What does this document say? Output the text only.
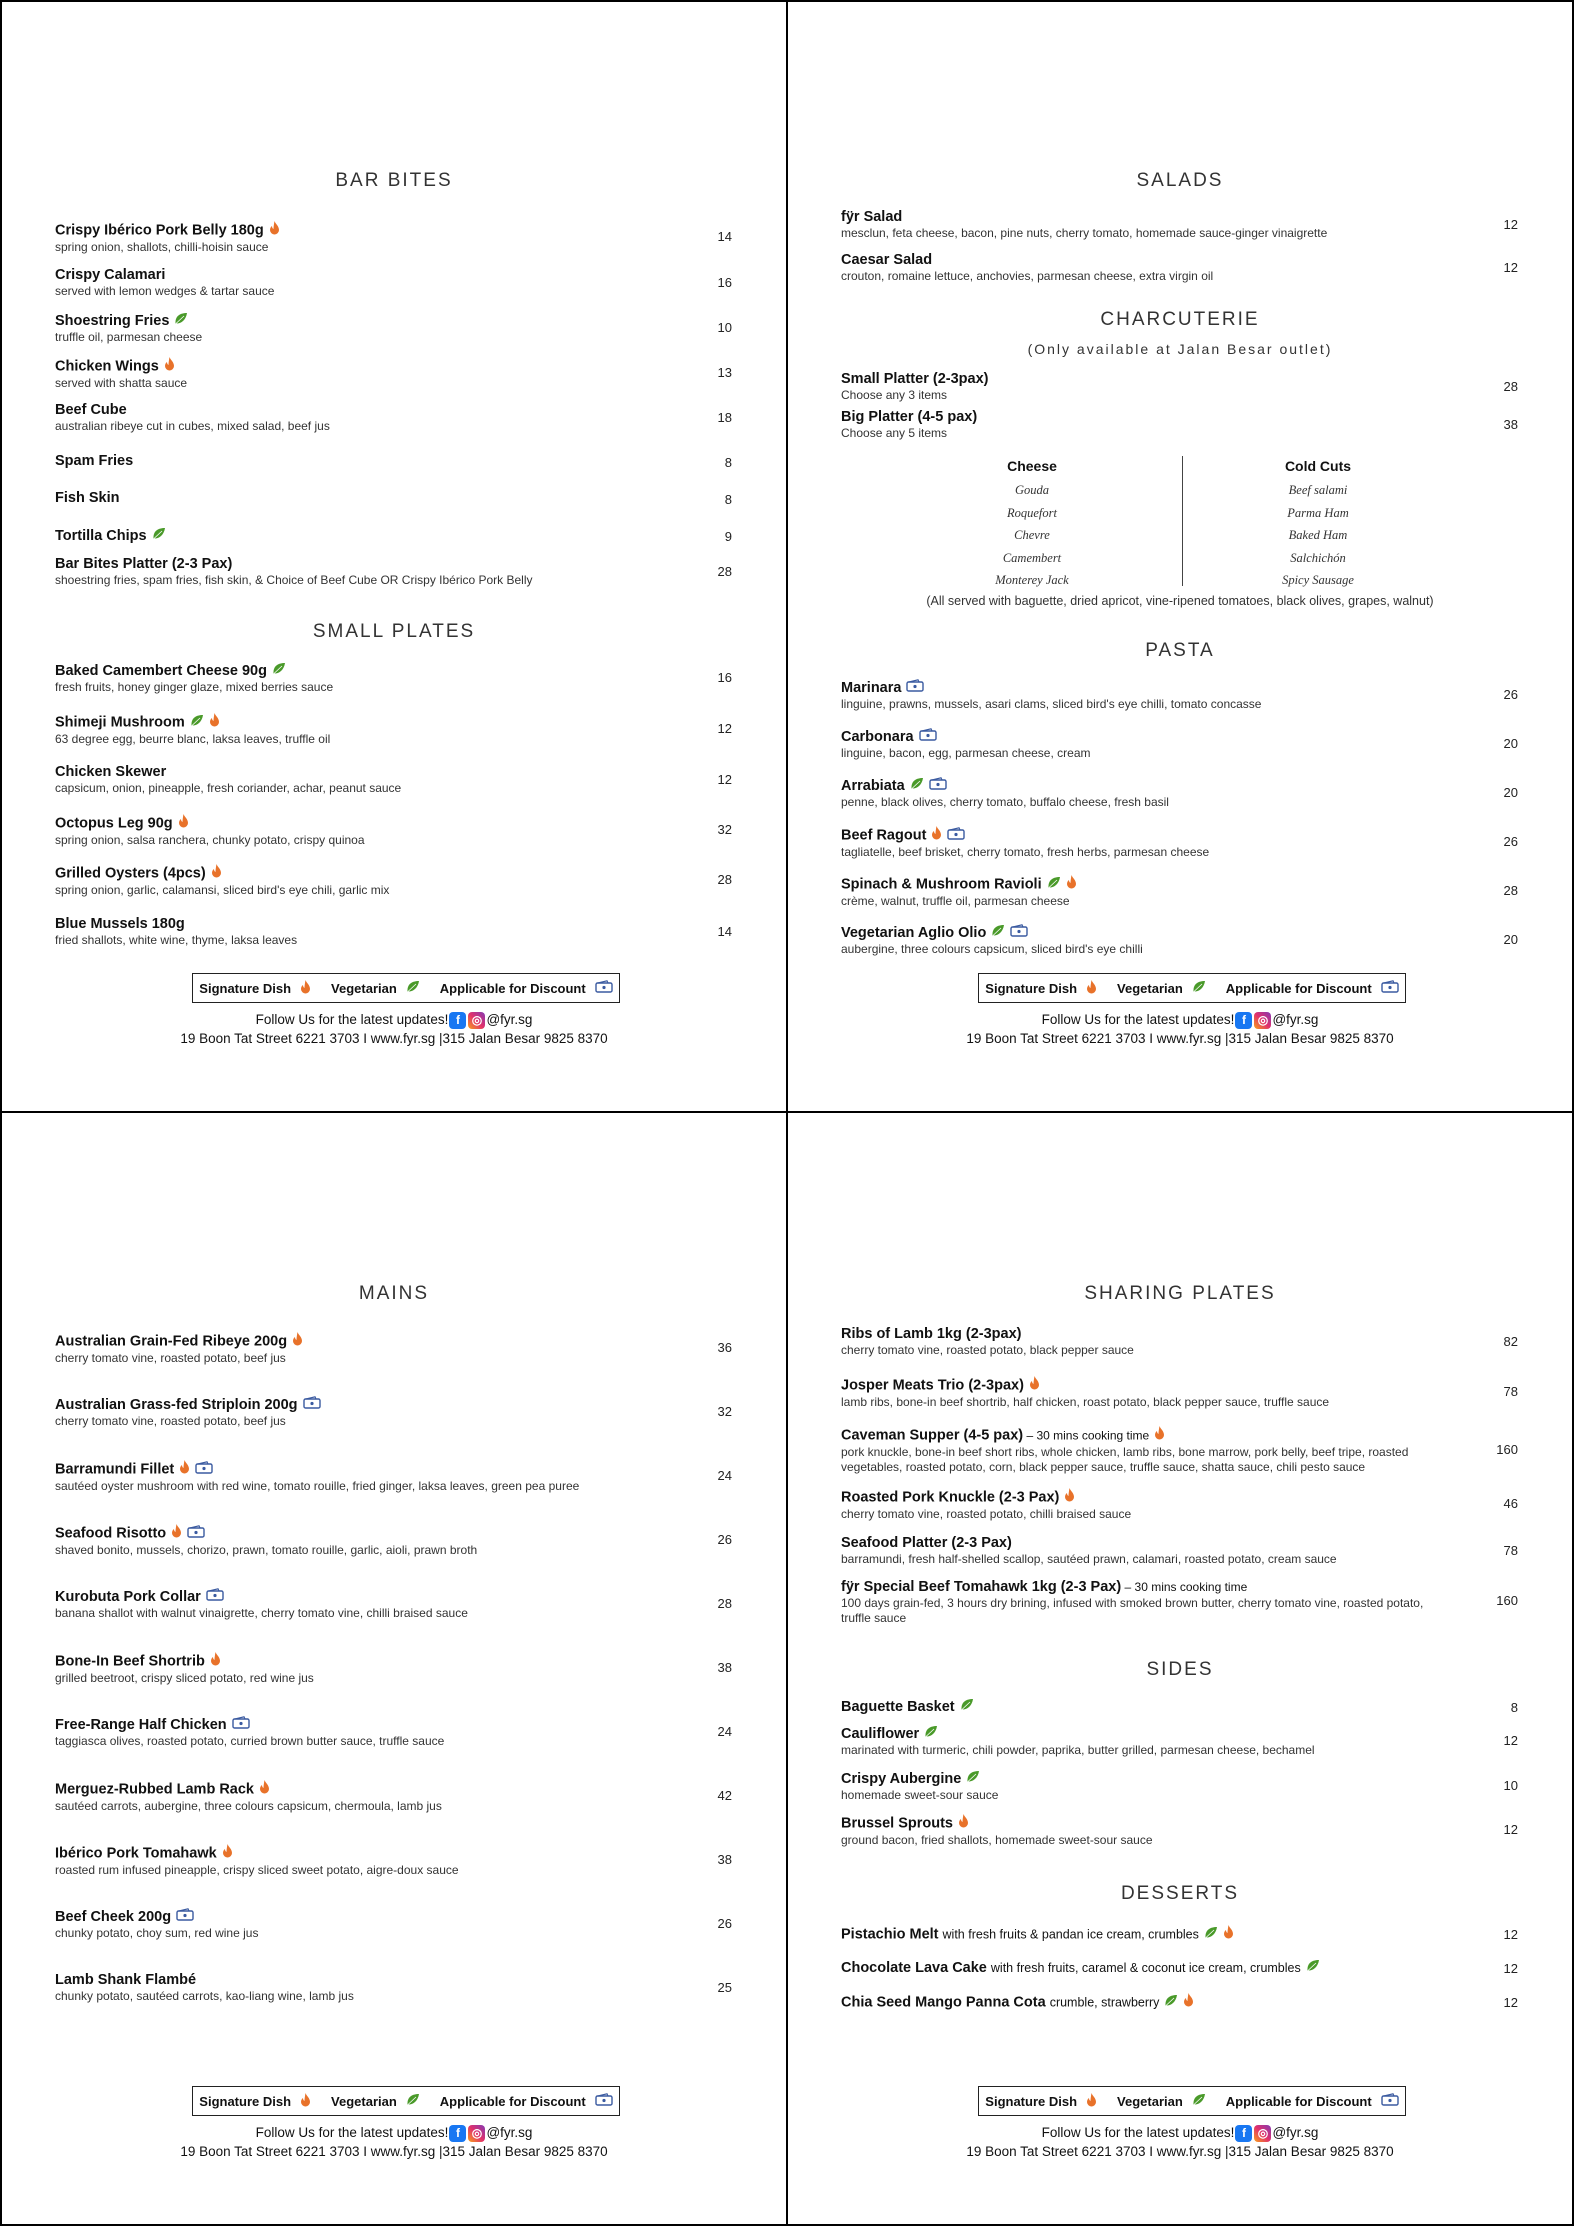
BAR BITES
Crispy Ibérico Pork Belly 180g
spring onion, shallots, chilli-hoisin sauce
14
Crispy Calamari
served with lemon wedges & tartar sauce
16
Shoestring Fries
truffle oil, parmesan cheese
10
Chicken Wings
served with shatta sauce
13
Beef Cube
australian ribeye cut in cubes, mixed salad, beef jus
18
Spam Fries	8
Fish Skin	8
Tortilla Chips	9
Bar Bites Platter (2-3 Pax)
shoestring fries, spam fries, fish skin, & Choice of Beef Cube OR Crispy Ibérico Pork Belly
28
SMALL PLATES
Baked Camembert Cheese 90g
fresh fruits, honey ginger glaze, mixed berries sauce
16
Shimeji Mushroom
63 degree egg, beurre blanc, laksa leaves, truffle oil
12
Chicken Skewer
capsicum, onion, pineapple, fresh coriander, achar, peanut sauce
12
Octopus Leg 90g
spring onion, salsa ranchera, chunky potato, crispy quinoa
32
Grilled Oysters (4pcs)
spring onion, garlic, calamansi, sliced bird's eye chili, garlic mix
28
Blue Mussels 180g
fried shallots, white wine, thyme, laksa leaves
14
Signature Dish	Vegetarian	Applicable for Discount
Follow Us for the latest updates! f ◎ @fyr.sg
19 Boon Tat Street 6221 3703 I www.fyr.sg |315 Jalan Besar 9825 8370
SALADS
fÿr Salad
mesclun, feta cheese, bacon, pine nuts, cherry tomato, homemade sauce-ginger vinaigrette
12
Caesar Salad
crouton, romaine lettuce, anchovies, parmesan cheese, extra virgin oil
12
CHARCUTERIE
(Only available at Jalan Besar outlet)
Small Platter (2-3pax)
Choose any 3 items
28
Big Platter (4-5 pax)
Choose any 5 items
38
Cheese
Gouda
Roquefort
Chevre
Camembert
Monterey Jack
Cold Cuts
Beef salami
Parma Ham
Baked Ham
Salchichón
Spicy Sausage
(All served with baguette, dried apricot, vine-ripened tomatoes, black olives, grapes, walnut)
PASTA
Marinara
linguine, prawns, mussels, asari clams, sliced bird's eye chilli, tomato concasse
26
Carbonara
linguine, bacon, egg, parmesan cheese, cream
20
Arrabiata
penne, black olives, cherry tomato, buffalo cheese, fresh basil
20
Beef Ragout
tagliatelle, beef brisket, cherry tomato, fresh herbs, parmesan cheese
26
Spinach & Mushroom Ravioli
crème, walnut, truffle oil, parmesan cheese
28
Vegetarian Aglio Olio
aubergine, three colours capsicum, sliced bird's eye chilli
20
Signature Dish	Vegetarian	Applicable for Discount
Follow Us for the latest updates! f ◎ @fyr.sg
19 Boon Tat Street 6221 3703 I www.fyr.sg |315 Jalan Besar 9825 8370
MAINS
Australian Grain-Fed Ribeye 200g
cherry tomato vine, roasted potato, beef jus
36
Australian Grass-fed Striploin 200g
cherry tomato vine, roasted potato, beef jus
32
Barramundi Fillet
sautéed oyster mushroom with red wine, tomato rouille, fried ginger, laksa leaves, green pea puree
24
Seafood Risotto
shaved bonito, mussels, chorizo, prawn, tomato rouille, garlic, aioli, prawn broth
26
Kurobuta Pork Collar
banana shallot with walnut vinaigrette, cherry tomato vine, chilli braised sauce
28
Bone-In Beef Shortrib
grilled beetroot, crispy sliced potato, red wine jus
38
Free-Range Half Chicken
taggiasca olives, roasted potato, curried brown butter sauce, truffle sauce
24
Merguez-Rubbed Lamb Rack
sautéed carrots, aubergine, three colours capsicum, chermoula, lamb jus
42
Ibérico Pork Tomahawk
roasted rum infused pineapple, crispy sliced sweet potato, aigre-doux sauce
38
Beef Cheek 200g
chunky potato, choy sum, red wine jus
26
Lamb Shank Flambé
chunky potato, sautéed carrots, kao-liang wine, lamb jus
25
Signature Dish	Vegetarian	Applicable for Discount
Follow Us for the latest updates! f ◎ @fyr.sg
19 Boon Tat Street 6221 3703 I www.fyr.sg |315 Jalan Besar 9825 8370
SHARING PLATES
Ribs of Lamb 1kg (2-3pax)
cherry tomato vine, roasted potato, black pepper sauce
82
Josper Meats Trio (2-3pax)
lamb ribs, bone-in beef shortrib, half chicken, roast potato, black pepper sauce, truffle sauce
78
Caveman Supper (4-5 pax) – 30 mins cooking time
pork knuckle, bone-in beef short ribs, whole chicken, lamb ribs, bone marrow, pork belly, beef tripe, roasted vegetables, roasted potato, corn, black pepper sauce, truffle sauce, shatta sauce, chili pesto sauce
160
Roasted Pork Knuckle (2-3 Pax)
cherry tomato vine, roasted potato, chilli braised sauce
46
Seafood Platter (2-3 Pax)
barramundi, fresh half-shelled scallop, sautéed prawn, calamari, roasted potato, cream sauce
78
fÿr Special Beef Tomahawk 1kg (2-3 Pax) – 30 mins cooking time
100 days grain-fed, 3 hours dry brining, infused with smoked brown butter, cherry tomato vine, roasted potato, truffle sauce
160
SIDES
Baguette Basket	8
Cauliflower
marinated with turmeric, chili powder, paprika, butter grilled, parmesan cheese, bechamel
12
Crispy Aubergine
homemade sweet-sour sauce
10
Brussel Sprouts
ground bacon, fried shallots, homemade sweet-sour sauce
12
DESSERTS
Pistachio Melt with fresh fruits & pandan ice cream, crumbles	12
Chocolate Lava Cake with fresh fruits, caramel & coconut ice cream, crumbles	12
Chia Seed Mango Panna Cota crumble, strawberry	12
Signature Dish	Vegetarian	Applicable for Discount
Follow Us for the latest updates! f ◎ @fyr.sg
19 Boon Tat Street 6221 3703 I www.fyr.sg |315 Jalan Besar 9825 8370
